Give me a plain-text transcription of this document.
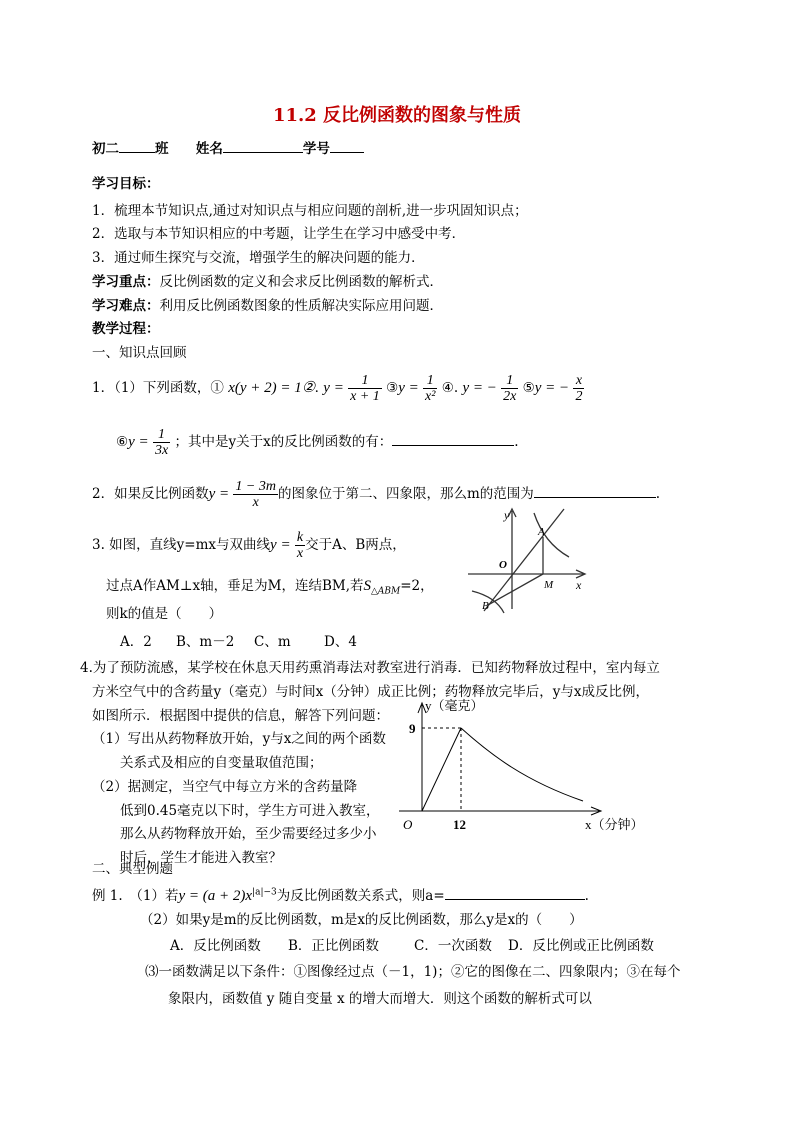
11.2 反比例函数的图象与性质
初二	班 姓名	学号
学习目标：
1．梳理本节知识点,通过对知识点与相应问题的剖析,进一步巩固知识点；
2．选取与本节知识相应的中考题，让学生在学习中感受中考．
3．通过师生探究与交流，增强学生的解决问题的能力．
学习重点：反比例函数的定义和会求反比例函数的解析式．
学习难点：利用反比例函数图象的性质解决实际应用问题．
教学过程：
一、知识点回顾
1．（1）下列函数，① x(y + 2) = 1②. $y = \frac{1}{x + 1}$ ③y = $\frac{1}{\text{x²}}$ ④. y = − $\frac{1}{2x}$ ⑤y = − $\frac{x}{2}$
⑥y = $\frac{1}{3x}$ ；其中是y关于x的反比例函数的有：	.
2．如果反比例函数$y = \frac{1 - 3m}{x}$ 的图象位于第二、四象限，那么m的范围为	.
3. 如图，直线y=mx与双曲线$y = \frac{k}{x}$ 交于A、B两点，
过点A作AM⊥x轴，垂足为M，连结BM,若$S_{\triangle ABM}=2$，
则k的值是（　　）
A．2 B、m－2 C、m D、4
y
x
O
A
B
M
4.为了预防流感，某学校在休息天用药熏消毒法对教室进行消毒．已知药物释放过程中，室内每立
方米空气中的含药量y（毫克）与时间x（分钟）成正比例；药物释放完毕后，y与x成反比例，
如图所示．根据图中提供的信息，解答下列问题：
（1）写出从药物释放开始，y与x之间的两个函数
关系式及相应的自变量取值范围；
（2）据测定，当空气中每立方米的含药量降
低到0.45毫克以下时，学生方可进入教室，
那么从药物释放开始，至少需要经过多少小
时后，学生才能进入教室？
y（毫克）
9
O	12	x（分钟）
二、典型例题
例 1.　（1）若$y = (a + 2)x^{|a|-3}$为反比例函数关系式，则a=	.
（2）如果y是m的反比例函数，m是x的反比例函数，那么y是x的（　　）
A．反比例函数 B．正比例函数	C．一次函数 D．反比例或正比例函数
⑶一函数满足以下条件：①图像经过点（－1，1)；②它的图像在二、四象限内；③在每个
象限内，函数值 y 随自变量 x 的增大而增大．则这个函数的解析式可以
